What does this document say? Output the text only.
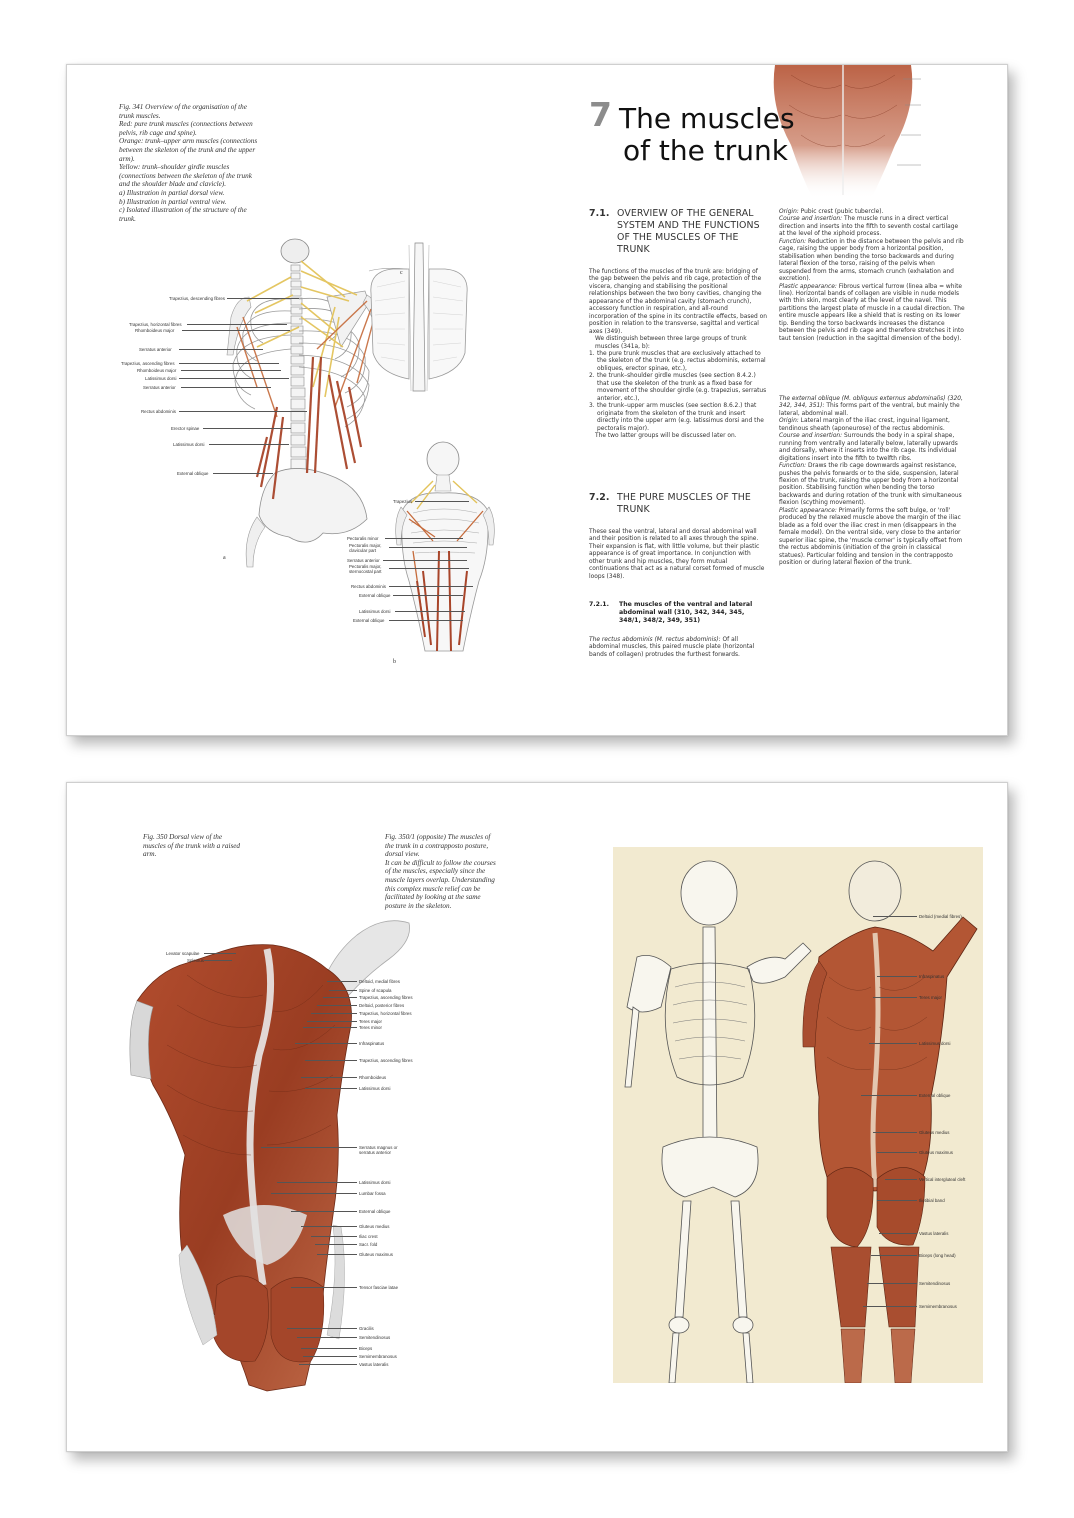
Fig. 341 Overview of the organisation of the

trunk muscles.

Red: pure trunk muscles (connections between

pelvis, rib cage and spine).

Orange: trunk–upper arm muscles (connections

between the skeleton of the trunk and the upper

arm).

Yellow: trunk–shoulder girdle muscles

(connections between the skeleton of the trunk

and the shoulder blade and clavicle).

a) Illustration in partial dorsal view.

b) Illustration in partial ventral view.

c) Isolated illustration of the structure of the

trunk.

a
Trapezius, descending fibres
Trapezius, horizontal fibres
Rhomboideus major
Serratus anterior
Trapezius, ascending fibres
Rhomboideus major
Latissimus dorsi
Serratus anterior
Rectus abdominis
Erector spinae
Latissimus dorsi
External oblique
c
b
Trapezius
Pectoralis minor
Pectoralis major, clavicular part
Serratus anterior
Pectoralis major, sternocostal part
Rectus abdominis
External oblique
Latissimus dorsi
External oblique
7 The muscles
of the trunk
7.1. OVERVIEW OF THE GENERAL SYSTEM AND THE FUNCTIONS OF THE MUSCLES OF THE TRUNK

The functions of the muscles of the trunk are: bridging of the gap between the pelvis and rib cage, protection of the viscera, changing and stabilising the positional relationships between the two bony cavities, changing the appearance of the abdominal cavity (stomach crunch), accessory function in respiration, and all-round incorporation of the spine in its contractile effects, based on position in relation to the transverse, sagittal and vertical axes (349).

We distinguish between three large groups of trunk muscles (341a, b):

1. the pure trunk muscles that are exclusively attached to the skeleton of the trunk (e.g. rectus abdominis, external obliques, erector spinae, etc.),
2. the trunk–shoulder girdle muscles (see section 8.4.2.) that use the skeleton of the trunk as a fixed base for movement of the shoulder girdle (e.g. trapezius, serratus anterior, etc.),
3. the trunk–upper arm muscles (see section 8.6.2.) that originate from the skeleton of the trunk and insert directly into the upper arm (e.g. latissimus dorsi and the pectoralis major).

The two latter groups will be discussed later on.

7.2. THE PURE MUSCLES OF THE TRUNK

These seal the ventral, lateral and dorsal abdominal wall and their position is related to all axes through the spine. Their expansion is flat, with little volume, but their plastic appearance is of great importance. In conjunction with other trunk and hip muscles, they form mutual continuations that act as a natural corset formed of muscle loops (348).

7.2.1.	The muscles of the ventral and lateral abdominal wall (310, 342, 344, 345, 348/1, 348/2, 349, 351)

The rectus abdominis (M. rectus abdominis): Of all abdominal muscles, this paired muscle plate (horizontal bands of collagen) protrudes the furthest forwards.

Origin: Pubic crest (pubic tubercle).

Course and insertion: The muscle runs in a direct vertical direction and inserts into the fifth to seventh costal cartilage at the level of the xiphoid process.

Function: Reduction in the distance between the pelvis and rib cage, raising the upper body from a horizontal position, stabilisation when bending the torso backwards and during lateral flexion of the torso, raising of the pelvis when suspended from the arms, stomach crunch (exhalation and excretion).

Plastic appearance: Fibrous vertical furrow (linea alba = white line). Horizontal bands of collagen are visible in nude models with thin skin, most clearly at the level of the navel. This partitions the largest plate of muscle in a caudal direction. The entire muscle appears like a shield that is resting on its lower tip. Bending the torso backwards increases the distance between the pelvis and rib cage and therefore stretches it into taut tension (reduction in the sagittal dimension of the body).

The external oblique (M. obliquus externus abdominalis) (320, 342, 344, 351): This forms part of the ventral, but mainly the lateral, abdominal wall.

Origin: Lateral margin of the iliac crest, inguinal ligament, tendinous sheath (aponeurose) of the rectus abdominis.

Course and insertion: Surrounds the body in a spiral shape, running from ventrally and laterally below, laterally upwards and dorsally, where it inserts into the rib cage. Its individual digitations insert into the fifth to twelfth ribs.

Function: Draws the rib cage downwards against resistance, pushes the pelvis forwards or to the side, suspension, lateral flexion of the trunk, raising the upper body from a horizontal position. Stabilising function when bending the torso backwards and during rotation of the trunk with simultaneous flexion (scything movement).

Plastic appearance: Primarily forms the soft bulge, or 'roll' produced by the relaxed muscle above the margin of the iliac blade as a fold over the iliac crest in men (disappears in the female model). On the ventral side, very close to the anterior superior iliac spine, the 'muscle corner' is typically offset from the rectus abdominis (initiation of the groin in classical statues). Particular folding and tension in the contrapposto position or during lateral flexion of the trunk.

Fig. 350 Dorsal view of the

muscles of the trunk with a raised

arm.

Fig. 350/1 (opposite) The muscles of

the trunk in a contrapposto posture,

dorsal view.

It can be difficult to follow the courses

of the muscles, especially since the

muscle layers overlap. Understanding

this complex muscle relief can be

facilitated by looking at the same

posture in the skeleton.

Levator scapulae
Splenius
Deltoid, medial fibres
Spine of scapula
Trapezius, ascending fibres
Deltoid, posterior fibres
Trapezius, horizontal fibres
Teres major
Teres minor
Infraspinatus
Trapezius, ascending fibres
Rhomboideus
Latissimus dorsi
Serratus magnus or
serratus anterior
Latissimus dorsi
Lumbar fossa
External oblique
Gluteus medius
Iliac crest
Sacr. fold
Gluteus maximus
Tensor fasciae latae
Gracilis
Semitendinosus
Biceps
Semimembranosus
Vastus lateralis
Deltoid (medial fibres)
Infraspinatus
Teres major
Latissimus dorsi
External oblique
Gluteus medius
Gluteus maximus
Vertical intergluteal cleft
Iliotibial band
Vastus lateralis
Biceps (long head)
Semitendinosus
Semimembranosus
